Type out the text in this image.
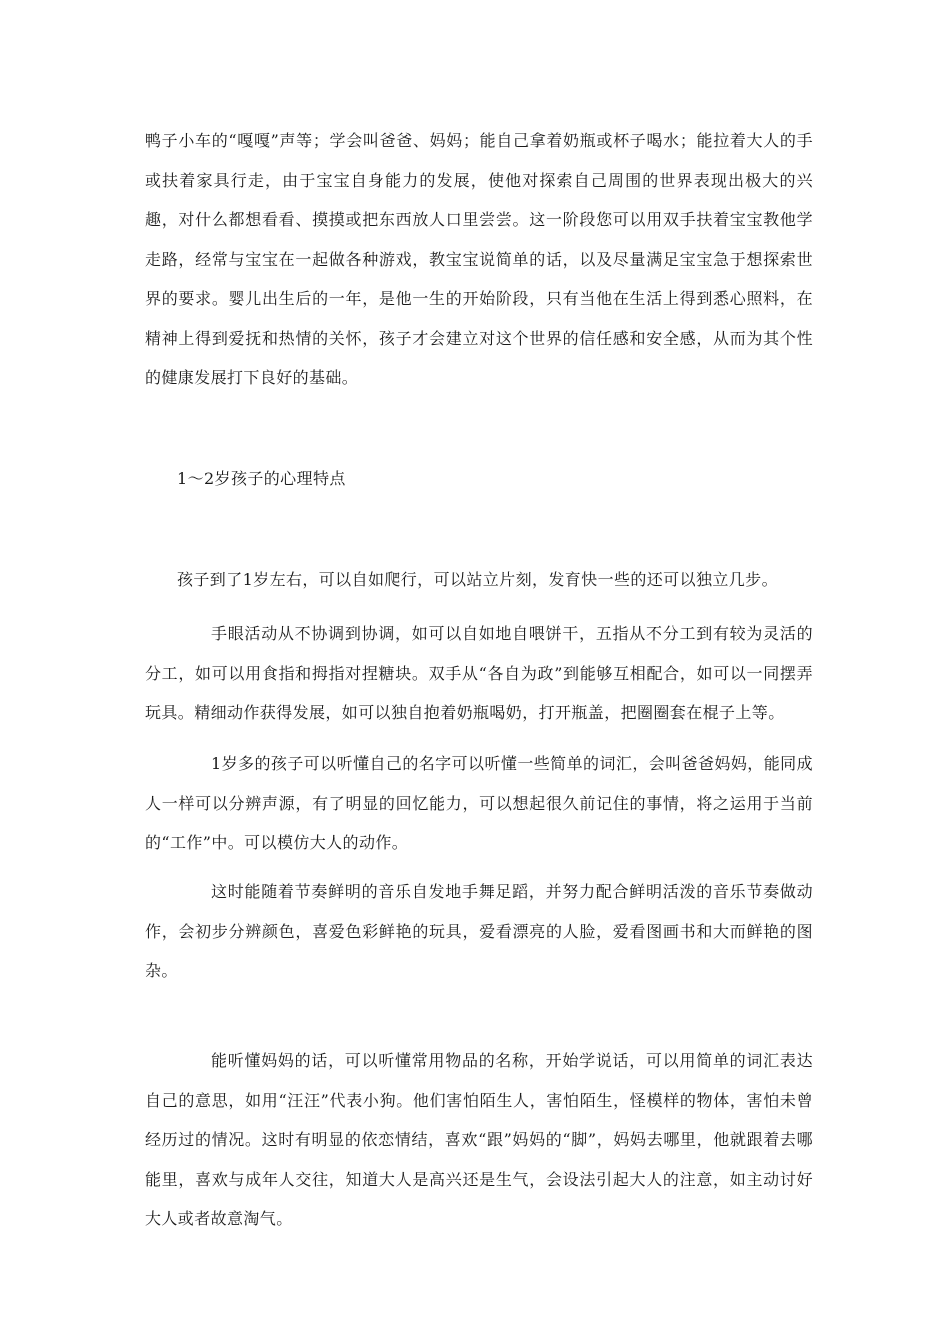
鸭子小车的“嘎嘎”声等；学会叫爸爸、妈妈；能自己拿着奶瓶或杯子喝水；能拉着大人的手或扶着家具行走，由于宝宝自身能力的发展，使他对探索自己周围的世界表现出极大的兴趣，对什么都想看看、摸摸或把东西放人口里尝尝。这一阶段您可以用双手扶着宝宝教他学走路，经常与宝宝在一起做各种游戏，教宝宝说简单的话，以及尽量满足宝宝急于想探索世界的要求。婴儿出生后的一年，是他一生的开始阶段，只有当他在生活上得到悉心照料，在精神上得到爱抚和热情的关怀，孩子才会建立对这个世界的信任感和安全感，从而为其个性的健康发展打下良好的基础。

1～2岁孩子的心理特点

孩子到了1岁左右，可以自如爬行，可以站立片刻，发育快一些的还可以独立几步。

手眼活动从不协调到协调，如可以自如地自喂饼干，五指从不分工到有较为灵活的分工，如可以用食指和拇指对捏糖块。双手从“各自为政”到能够互相配合，如可以一同摆弄玩具。精细动作获得发展，如可以独自抱着奶瓶喝奶，打开瓶盖，把圈圈套在棍子上等。

1岁多的孩子可以听懂自己的名字可以听懂一些简单的词汇，会叫爸爸妈妈，能同成人一样可以分辨声源，有了明显的回忆能力，可以想起很久前记住的事情，将之运用于当前的“工作”中。可以模仿大人的动作。

这时能随着节奏鲜明的音乐自发地手舞足蹈，并努力配合鲜明活泼的音乐节奏做动作，会初步分辨颜色，喜爱色彩鲜艳的玩具，爱看漂亮的人脸，爱看图画书和大而鲜艳的图杂。

能听懂妈妈的话，可以听懂常用物品的名称，开始学说话，可以用简单的词汇表达自己的意思，如用“汪汪”代表小狗。他们害怕陌生人，害怕陌生，怪模样的物体，害怕未曾经历过的情况。这时有明显的依恋情结，喜欢“跟”妈妈的“脚”，妈妈去哪里，他就跟着去哪能里，喜欢与成年人交往，知道大人是高兴还是生气，会设法引起大人的注意，如主动讨好大人或者故意淘气。
